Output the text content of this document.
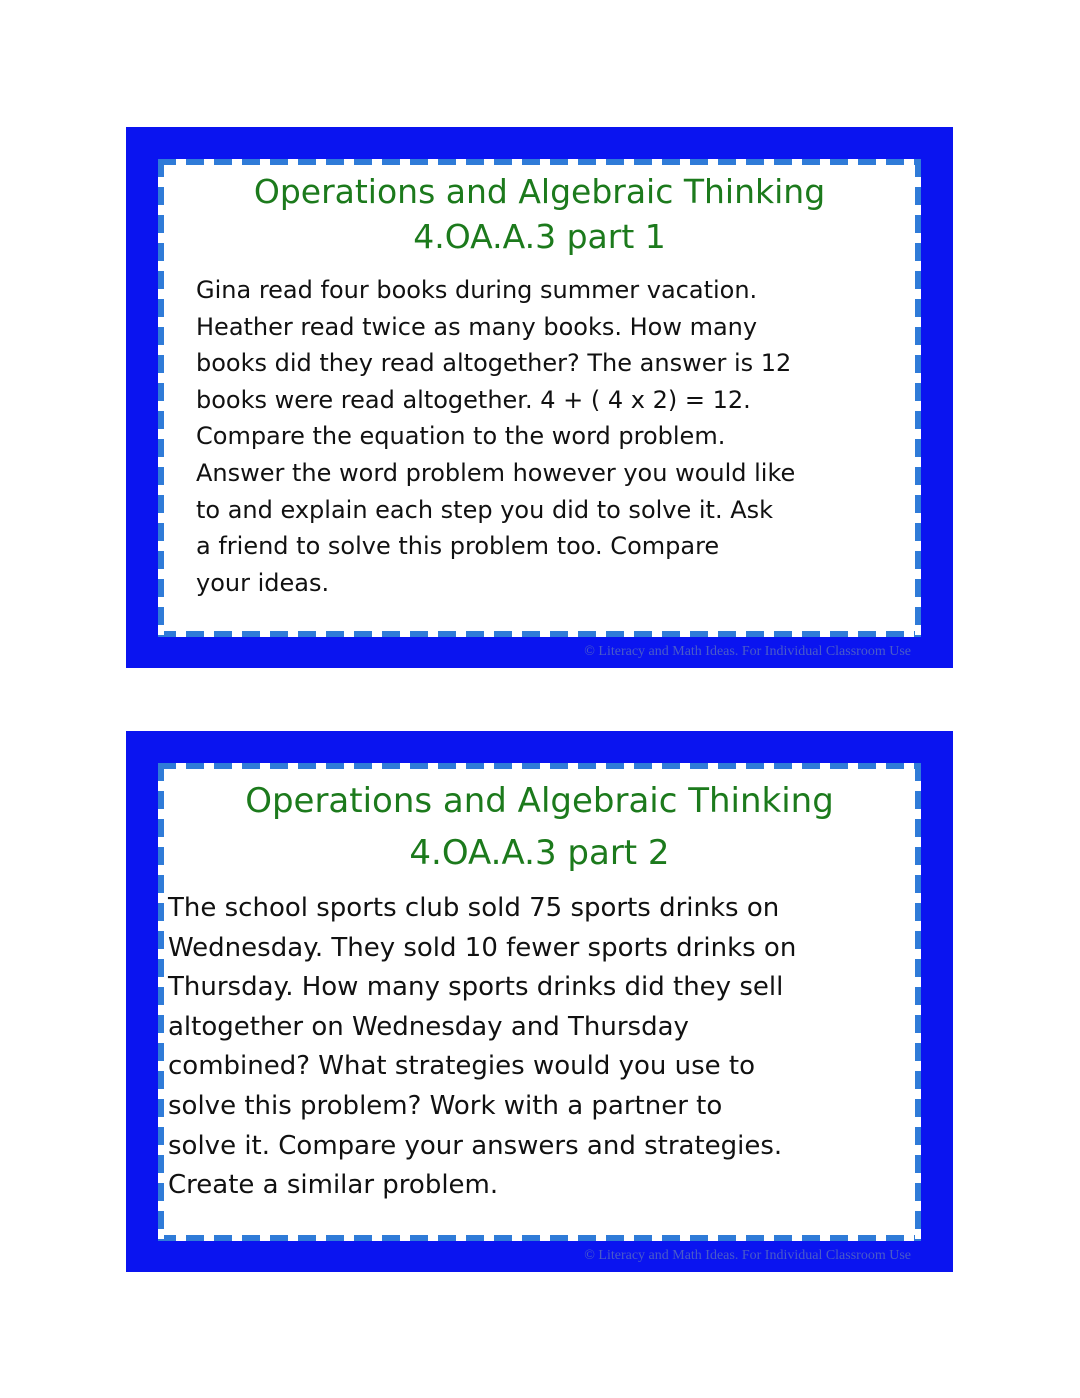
Operations and Algebraic Thinking
4.OA.A.3 part 1
Gina read four books during summer vacation.
Heather read twice as many books. How many
books did they read altogether? The answer is 12
books were read altogether. 4 + ( 4 x 2) = 12.
Compare the equation to the word problem.
Answer the word problem however you would like
to and explain each step you did to solve it. Ask
a friend to solve this problem too. Compare
your ideas.
© Literacy and Math Ideas. For Individual Classroom Use
Operations and Algebraic Thinking
4.OA.A.3 part 2
The school sports club sold 75 sports drinks on
Wednesday. They sold 10 fewer sports drinks on
Thursday. How many sports drinks did they sell
altogether on Wednesday and Thursday
combined? What strategies would you use to
solve this problem? Work with a partner to
solve it. Compare your answers and strategies.
Create a similar problem.
© Literacy and Math Ideas. For Individual Classroom Use
